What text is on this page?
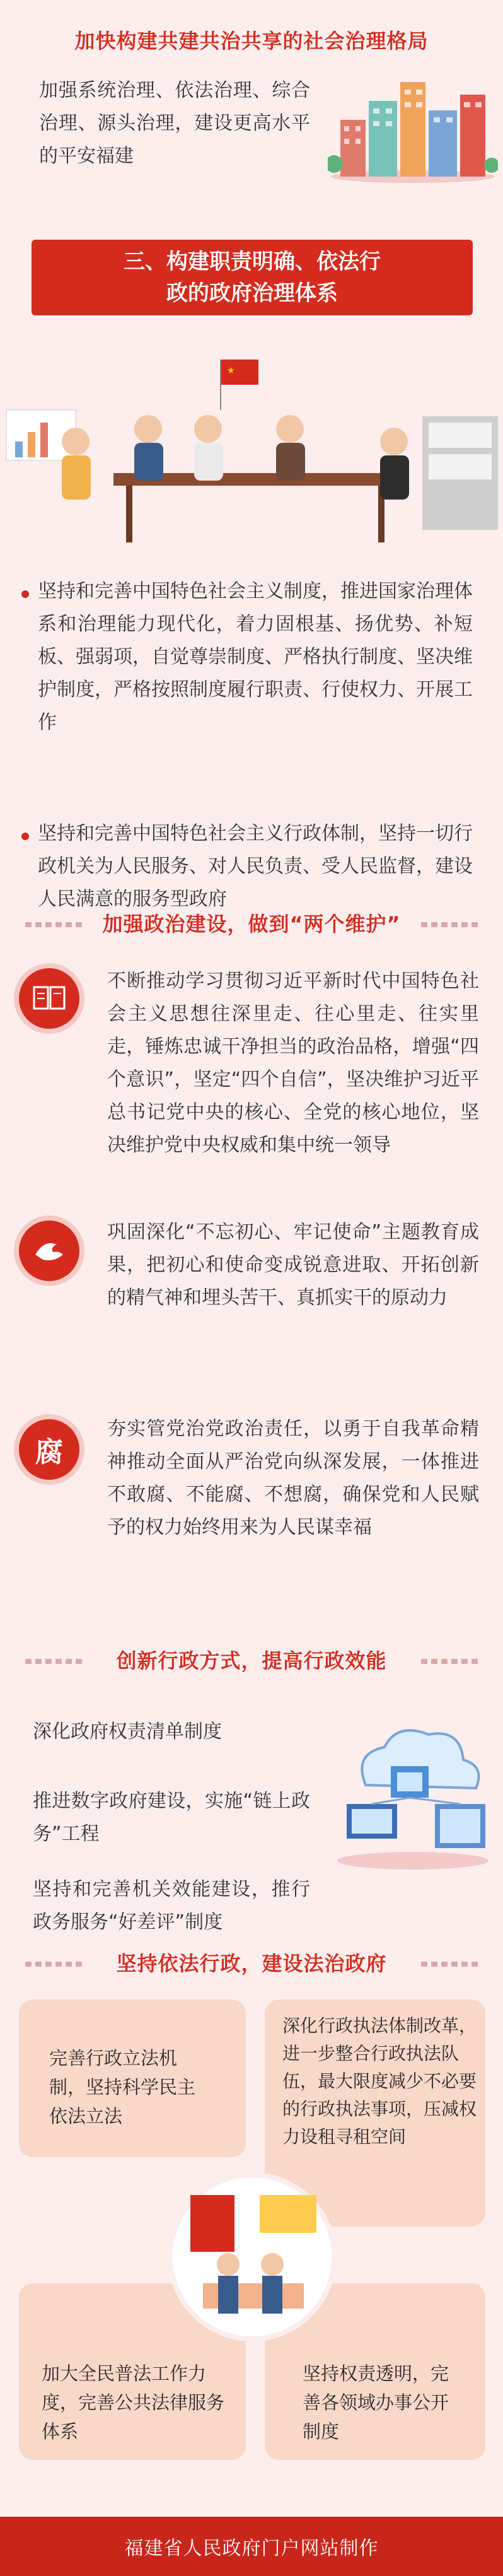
加快构建共建共治共享的社会治理格局
加强系统治理、依法治理、综合治理、源头治理，建设更高水平的平安福建
三、构建职责明确、依法行
政的政府治理体系
★
坚持和完善中国特色社会主义制度，推进国家治理体系和治理能力现代化，着力固根基、扬优势、补短板、强弱项，自觉尊崇制度、严格执行制度、坚决维护制度，严格按照制度履行职责、行使权力、开展工作
坚持和完善中国特色社会主义行政体制，坚持一切行政机关为人民服务、对人民负责、受人民监督，建设人民满意的服务型政府
加强政治建设，做到“两个维护”
不断推动学习贯彻习近平新时代中国特色社会主义思想往深里走、往心里走、往实里走，锤炼忠诚干净担当的政治品格，增强“四个意识”，坚定“四个自信”，坚决维护习近平总书记党中央的核心、全党的核心地位，坚决维护党中央权威和集中统一领导
巩固深化“不忘初心、牢记使命”主题教育成果，把初心和使命变成锐意进取、开拓创新的精气神和埋头苦干、真抓实干的原动力
腐
夯实管党治党政治责任，以勇于自我革命精神推动全面从严治党向纵深发展，一体推进不敢腐、不能腐、不想腐，确保党和人民赋予的权力始终用来为人民谋幸福
创新行政方式，提高行政效能
深化政府权责清单制度
推进数字政府建设，实施“链上政务”工程
坚持和完善机关效能建设，推行政务服务“好差评”制度
坚持依法行政，建设法治政府
完善行政立法机制，坚持科学民主依法立法
深化行政执法体制改革，进一步整合行政执法队伍，最大限度减少不必要的行政执法事项，压减权力设租寻租空间
加大全民普法工作力度，完善公共法律服务体系
坚持权责透明，完善各领域办事公开制度
福建省人民政府门户网站制作
